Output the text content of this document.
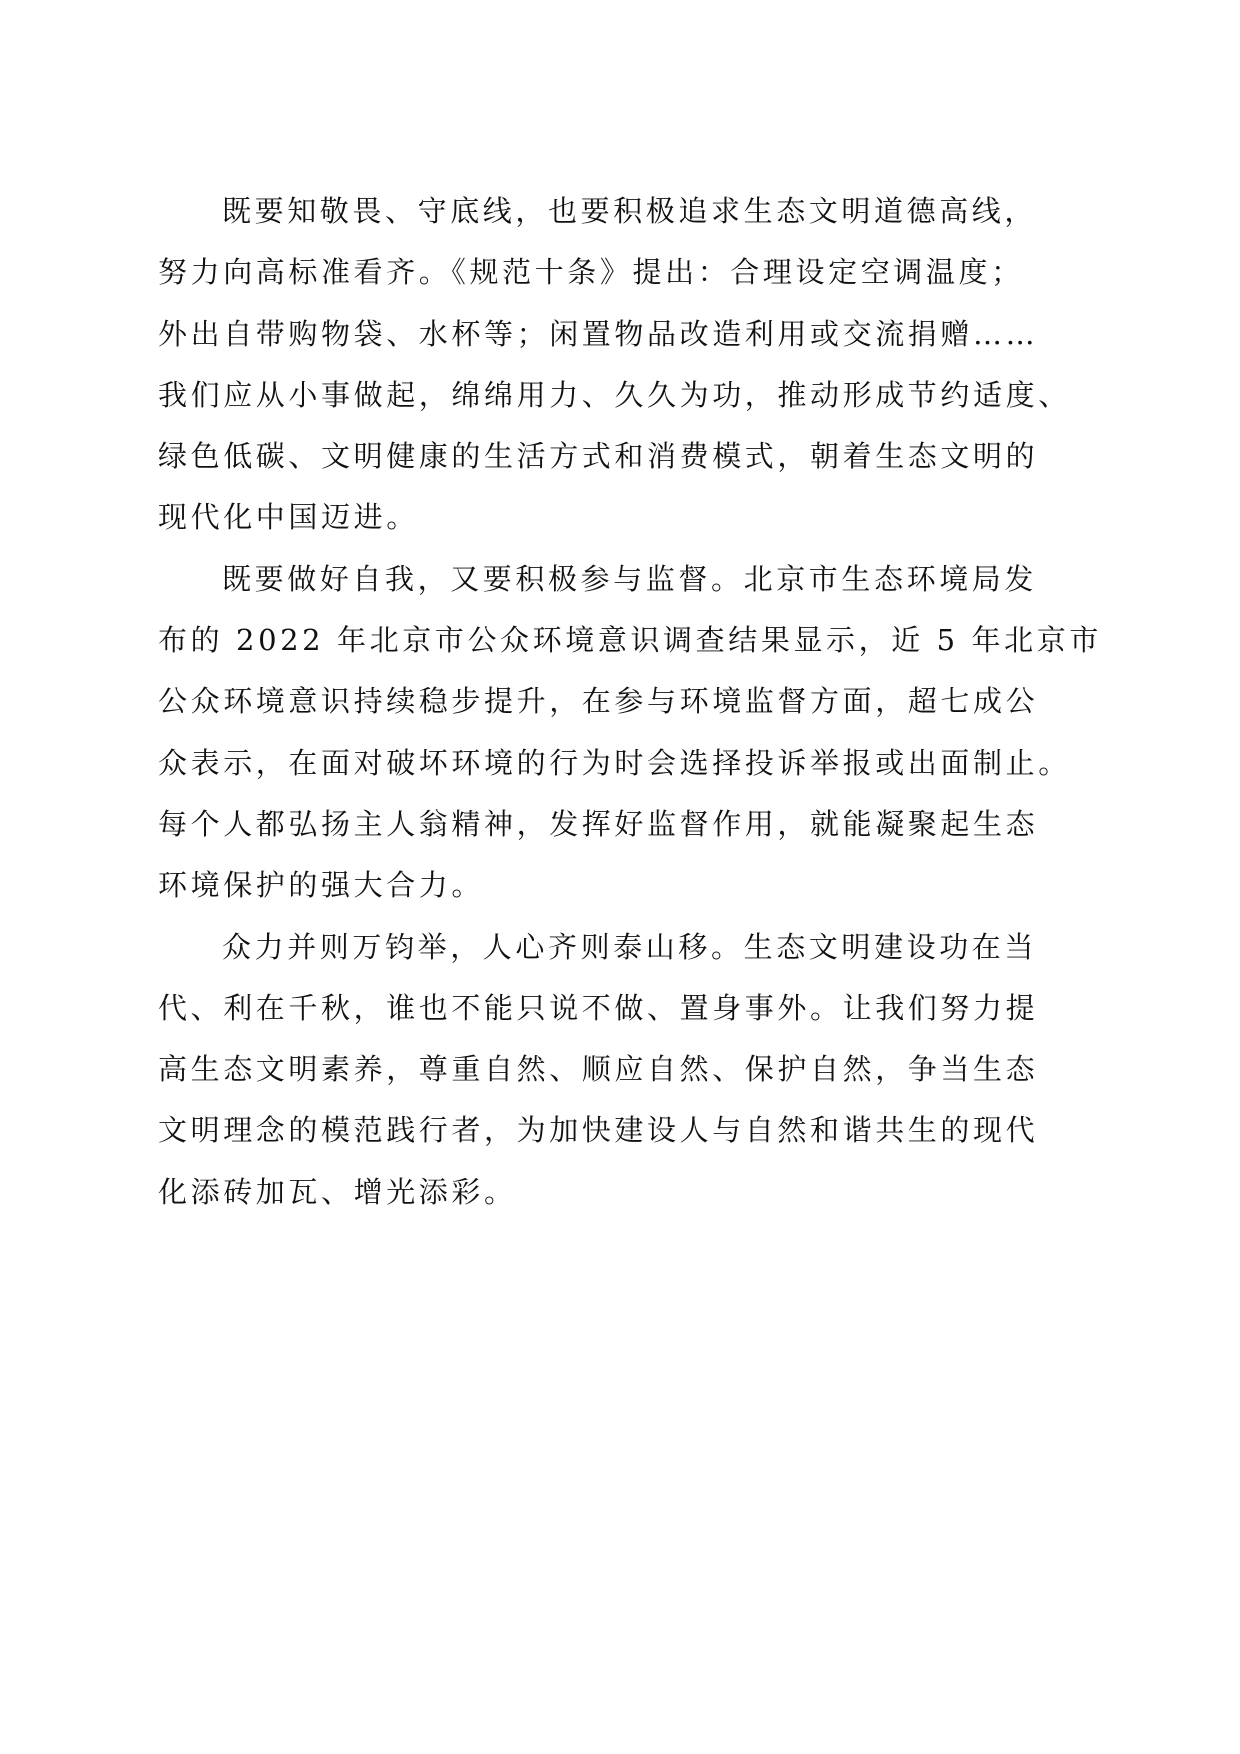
既要知敬畏、守底线，也要积极追求生态文明道德高线，
努力向高标准看齐。《规范十条》提出：合理设定空调温度；
外出自带购物袋、水杯等；闲置物品改造利用或交流捐赠……
我们应从小事做起，绵绵用力、久久为功，推动形成节约适度、
绿色低碳、文明健康的生活方式和消费模式，朝着生态文明的
现代化中国迈进。
既要做好自我，又要积极参与监督。北京市生态环境局发
布的 2022 年北京市公众环境意识调查结果显示，近 5 年北京市
公众环境意识持续稳步提升，在参与环境监督方面，超七成公
众表示，在面对破坏环境的行为时会选择投诉举报或出面制止。
每个人都弘扬主人翁精神，发挥好监督作用，就能凝聚起生态
环境保护的强大合力。
众力并则万钧举，人心齐则泰山移。生态文明建设功在当
代、利在千秋，谁也不能只说不做、置身事外。让我们努力提
高生态文明素养，尊重自然、顺应自然、保护自然，争当生态
文明理念的模范践行者，为加快建设人与自然和谐共生的现代
化添砖加瓦、增光添彩。
